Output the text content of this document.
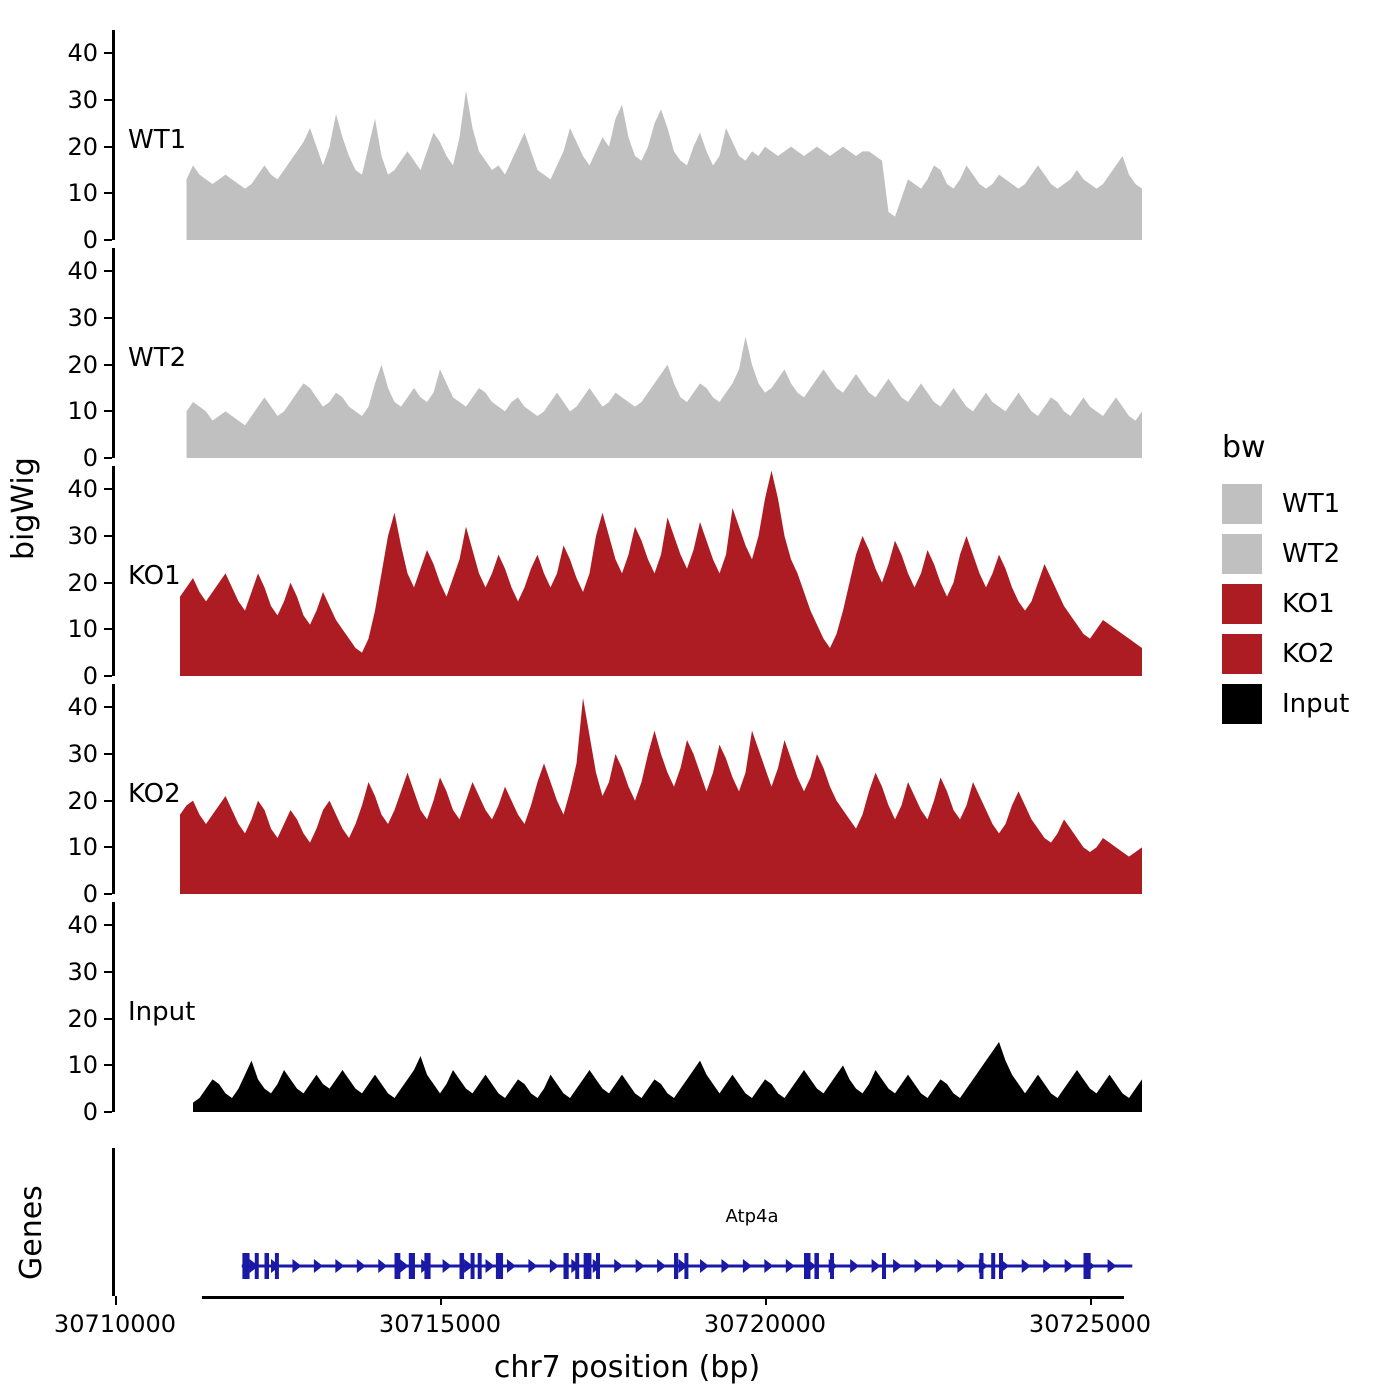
bigWig
Genes
0
10
20
30
40
WT1
0
10
20
30
40
WT2
0
10
20
30
40
KO1
0
10
20
30
40
KO2
0
10
20
30
40
Input
Atp4a
30710000	30715000	30720000	30725000
chr7 position (bp)
bw
WT1
WT2
KO1
KO2
Input
